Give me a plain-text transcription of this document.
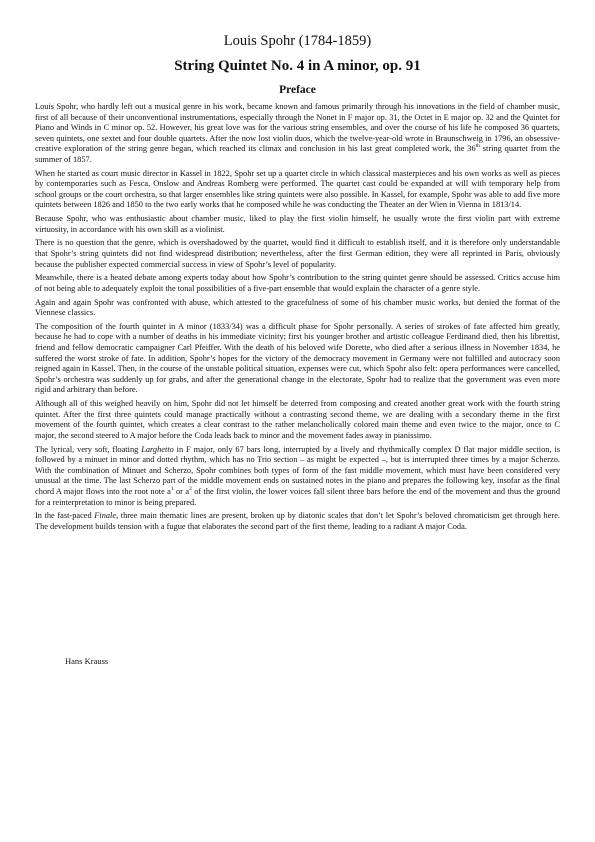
Louis Spohr (1784-1859)
String Quintet No. 4 in A minor, op. 91
Preface

Louis Spohr, who hardly left out a musical genre in his work, became known and famous primarily through his innovations in the field of chamber music, first of all because of their unconventional instrumentations, especially through the Nonet in F major op. 31, the Octet in E major op. 32 and the Quintet for Piano and Winds in C minor op. 52. However, his great love was for the various string ensembles, and over the course of his life he composed 36 quartets, seven quintets, one sextet and four double quartets. After the now lost violin duos, which the twelve-year-old wrote in Braunschweig in 1796, an obsessive-creative exploration of the string genre began, which reached its climax and conclusion in his last great completed work, the 36th string quartet from the summer of 1857.

When he started as court music director in Kassel in 1822, Spohr set up a quartet circle in which classical masterpieces and his own works as well as pieces by contemporaries such as Fesca, Onslow and Andreas Romberg were performed. The quartet cast could be expanded at will with temporary help from school groups or the court orchestra, so that larger ensembles like string quintets were also possible. In Kassel, for example, Spohr was able to add five more quintets between 1826 and 1850 to the two early works that he composed while he was conducting the Theater an der Wien in Vienna in 1813/14.

Because Spohr, who was enthusiastic about chamber music, liked to play the first violin himself, he usually wrote the first violin part with extreme virtuosity, in accordance with his own skill as a violinist.

There is no question that the genre, which is overshadowed by the quartet, would find it difficult to establish itself, and it is therefore only understandable that Spohr’s string quintets did not find widespread distribution; nevertheless, after the first German edition, they were all reprinted in Paris, obviously because the publisher expected commercial success in view of Spohr’s level of popularity.

Meanwhile, there is a heated debate among experts today about how Spohr’s contribution to the string quintet genre should be assessed. Critics accuse him of not being able to adequately exploit the tonal possibilities of a five-part ensemble that would explain the character of a genre style.

Again and again Spohr was confronted with abuse, which attested to the gracefulness of some of his chamber music works, but denied the format of the Viennese classics.

The composition of the fourth quintet in A minor (1833/34) was a difficult phase for Spohr personally. A series of strokes of fate affected him greatly, because he had to cope with a number of deaths in his immediate vicinity; first his younger brother and artistic colleague Ferdinand died, then his librettist, friend and fellow democratic campaigner Carl Pfeiffer. With the death of his beloved wife Dorette, who died after a serious illness in November 1834, he suffered the worst stroke of fate. In addition, Spohr’s hopes for the victory of the democracy movement in Germany were not fulfilled and autocracy soon reigned again in Kassel. Then, in the course of the unstable political situation, expenses were cut, which Spohr also felt: opera performances were cancelled, Spohr’s orchestra was suddenly up for grabs, and after the generational change in the electorate, Spohr had to realize that the government was even more rigid and arbitrary than before.

Although all of this weighed heavily on him, Spohr did not let himself be deterred from composing and created another great work with the fourth string quintet. After the first three quintets could manage practically without a contrasting second theme, we are dealing with a secondary theme in the first movement of the fourth quintet, which creates a clear contrast to the rather melancholically colored main theme and even twice to the major, once to C major, the second steered to A major before the Coda leads back to minor and the movement fades away in pianissimo.

The lyrical, very soft, floating Larghetto in F major, only 67 bars long, interrupted by a lively and rhythmically complex D flat major middle section, is followed by a minuet in minor and dotted rhythm, which has no Trio section – as might be expected –, but is interrupted three times by a major Scherzo. With the combination of Minuet and Scherzo, Spohr combines both types of form of the fast middle movement, which must have been considered very unusual at the time. The last Scherzo part of the middle movement ends on sustained notes in the piano and prepares the following key, insofar as the final chord A major flows into the root note $a^1$ or $a^2$ of the first violin, the lower voices fall silent three bars before the end of the movement and thus the ground for a reinterpretation to minor is being prepared.

In the fast-paced Finale, three main thematic lines are present, broken up by diatonic scales that don’t let Spohr’s beloved chromaticism get through here. The development builds tension with a fugue that elaborates the second part of the first theme, leading to a radiant A major Coda.

Hans Krauss
